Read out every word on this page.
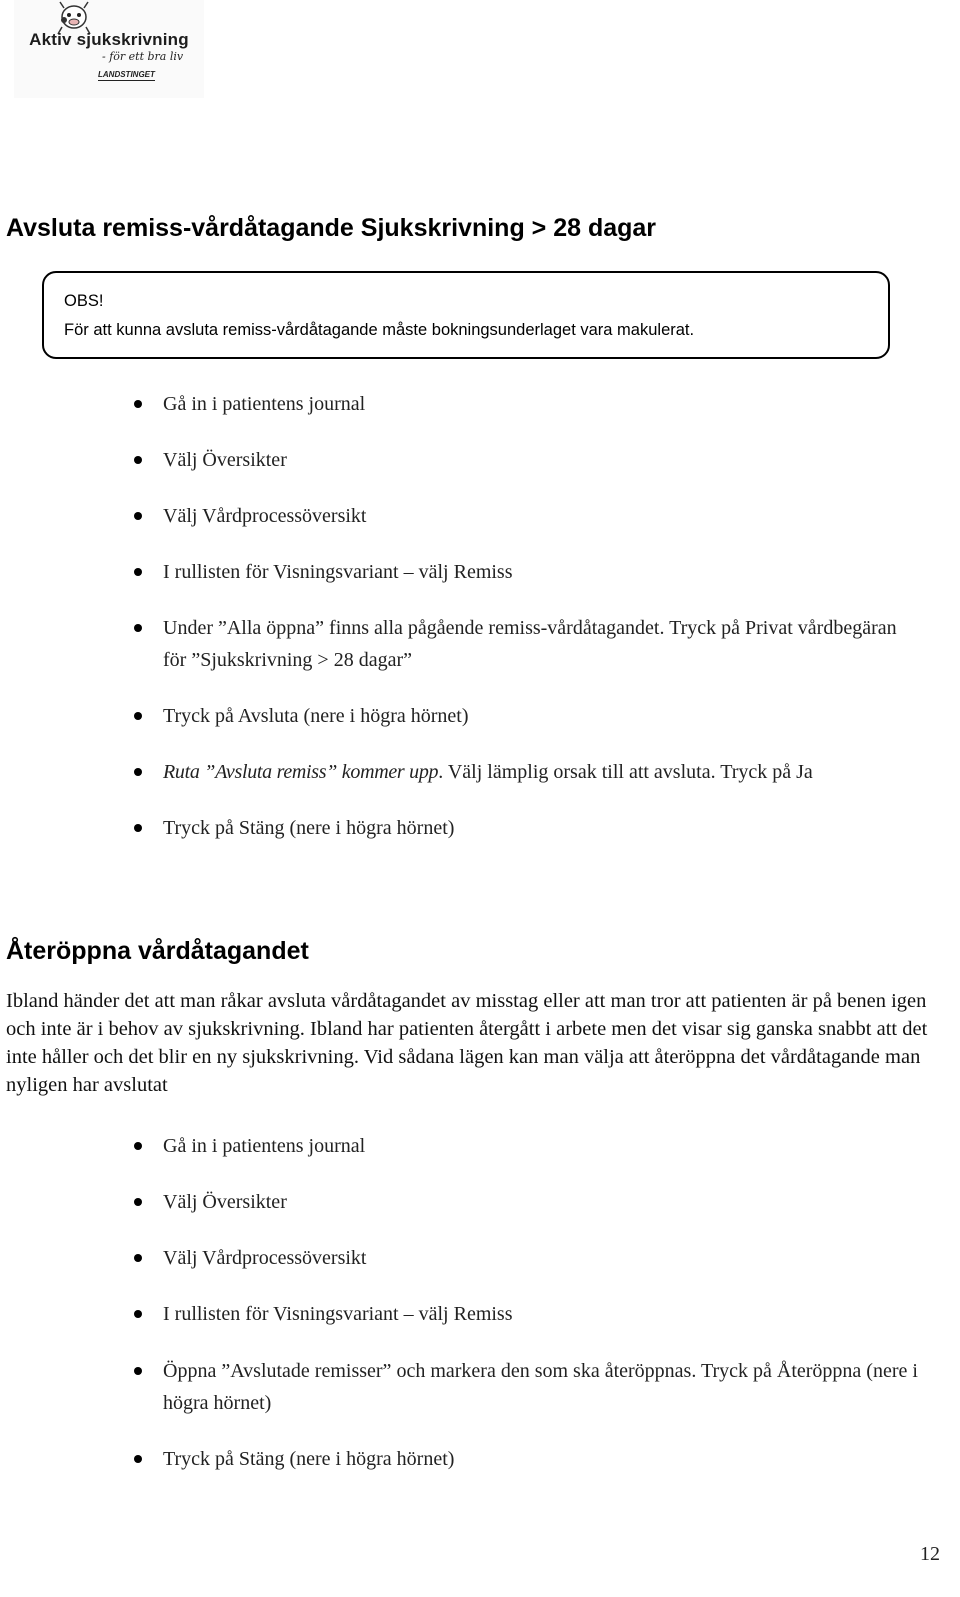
Aktiv sjukskrivning
- för ett bra liv
LANDSTINGET
Avsluta remiss-vårdåtagande Sjukskrivning > 28 dagar
OBS!
För att kunna avsluta remiss-vårdåtagande måste bokningsunderlaget vara makulerat.
Gå in i patientens journal
Välj Översikter
Välj Vårdprocessöversikt
I rullisten för Visningsvariant – välj Remiss
Under ”Alla öppna” finns alla pågående remiss-vårdåtagandet. Tryck på Privat vårdbegäran för ”Sjukskrivning > 28 dagar”
Tryck på Avsluta (nere i högra hörnet)
Ruta ”Avsluta remiss” kommer upp. Välj lämplig orsak till att avsluta. Tryck på Ja
Tryck på Stäng (nere i högra hörnet)
Återöppna vårdåtagandet

Ibland händer det att man råkar avsluta vårdåtagandet av misstag eller att man tror att patienten är på benen igen och inte är i behov av sjukskrivning. Ibland har patienten återgått i arbete men det visar sig ganska snabbt att det inte håller och det blir en ny sjukskrivning. Vid sådana lägen kan man välja att återöppna det vårdåtagande man nyligen har avslutat

Gå in i patientens journal
Välj Översikter
Välj Vårdprocessöversikt
I rullisten för Visningsvariant – välj Remiss
Öppna ”Avslutade remisser” och markera den som ska återöppnas. Tryck på Återöppna (nere i högra hörnet)
Tryck på Stäng (nere i högra hörnet)
12
